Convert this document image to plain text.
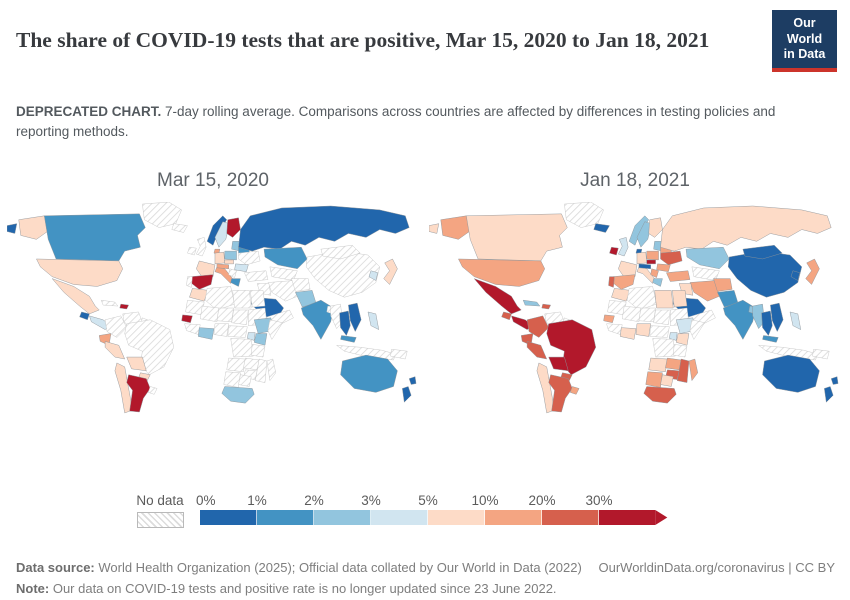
The share of COVID-19 tests that are positive, Mar 15, 2020 to Jan 18, 2021
Our World
in Data

DEPRECATED CHART. 7-day rolling average. Comparisons across countries are affected by differences in testing policies and reporting methods.

Mar 15, 2020	Jan 18, 2021
No data 0% 1%	2%	3%	5% 10% 20% 30%

Data source: World Health Organization (2025); Official data collated by Our World in Data (2022) OurWorldinData.org/coronavirus | CC BY

Note: Our data on COVID-19 tests and positive rate is no longer updated since 23 June 2022.
